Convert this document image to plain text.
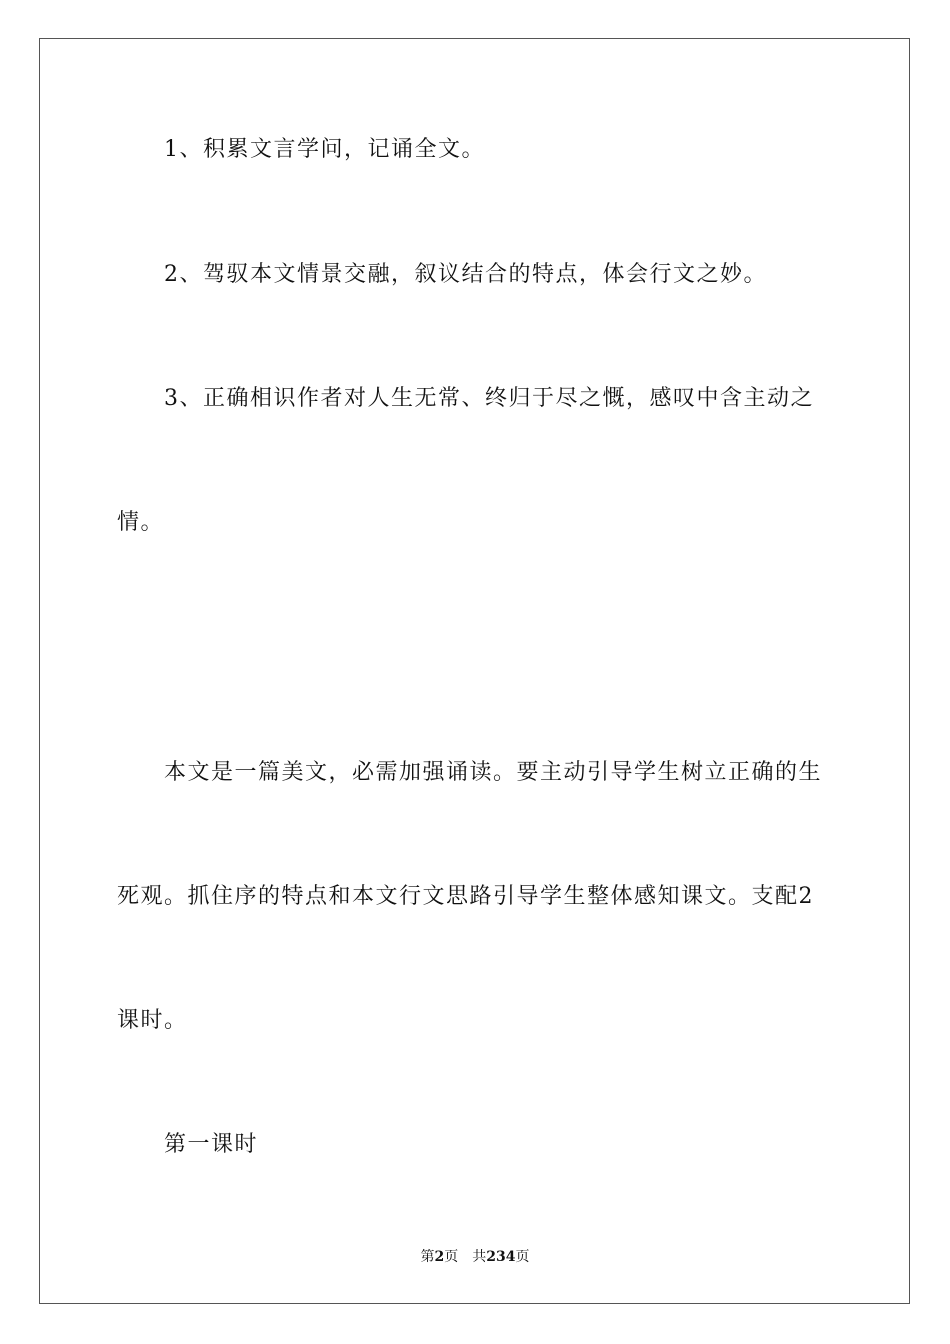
1、积累文言学问，记诵全文。
2、驾驭本文情景交融，叙议结合的特点，体会行文之妙。
3、正确相识作者对人生无常、终归于尽之慨，感叹中含主动之
情。
本文是一篇美文，必需加强诵读。要主动引导学生树立正确的生
死观。抓住序的特点和本文行文思路引导学生整体感知课文。支配2
课时。
第一课时
第2页 共234页
